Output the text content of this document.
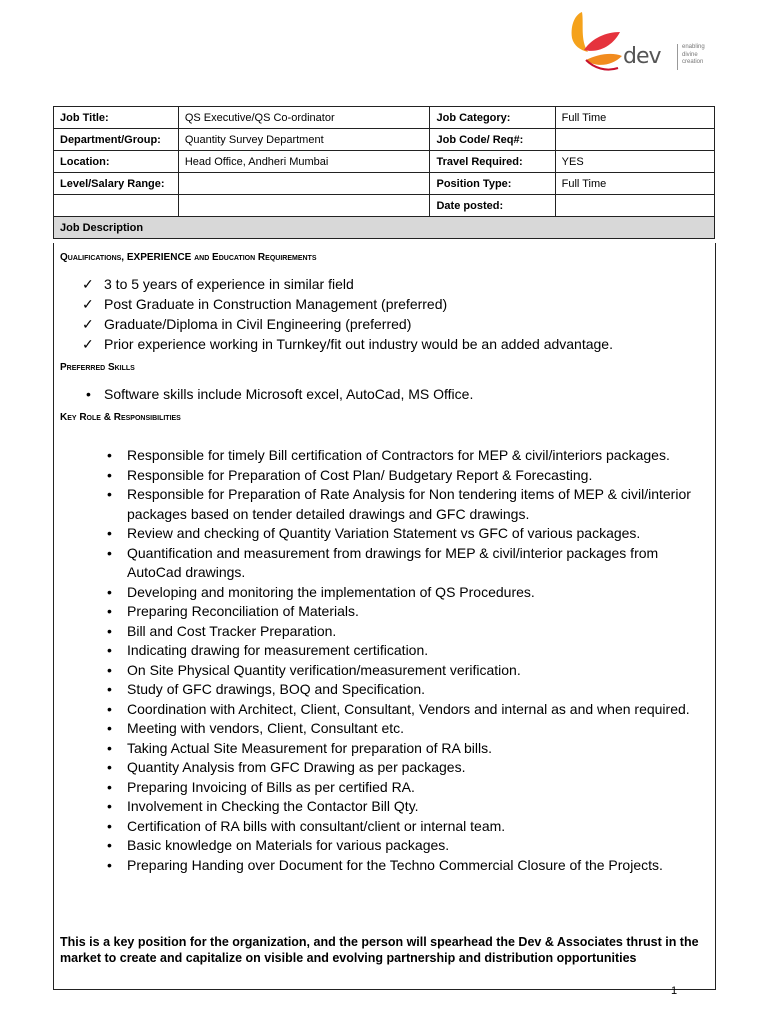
dev	enabling
divine
creation
Job Title:	QS Executive/QS Co-ordinator	Job Category:	Full Time
Department/Group:	Quantity Survey Department	Job Code/ Req#:	
Location:	Head Office, Andheri Mumbai	Travel Required:	YES
Level/Salary Range:		Position Type:	Full Time
		Date posted:	
Job Description			
Qualifications, EXPERIENCE and Education Requirements
✓ 3 to 5 years of experience in similar field
✓ Post Graduate in Construction Management (preferred)
✓ Graduate/Diploma in Civil Engineering (preferred)
✓ Prior experience working in Turnkey/fit out industry would be an added advantage.
Preferred Skills
• Software skills include Microsoft excel, AutoCad, MS Office.
Key Role & Responsibilities
• Responsible for timely Bill certification of Contractors for MEP & civil/interiors packages.
• Responsible for Preparation of Cost Plan/ Budgetary Report & Forecasting.
• Responsible for Preparation of Rate Analysis for Non tendering items of MEP & civil/interior packages based on tender detailed drawings and GFC drawings.
• Review and checking of Quantity Variation Statement vs GFC of various packages.
• Quantification and measurement from drawings for MEP & civil/interior packages from AutoCad drawings.
• Developing and monitoring the implementation of QS Procedures.
• Preparing Reconciliation of Materials.
• Bill and Cost Tracker Preparation.
• Indicating drawing for measurement certification.
• On Site Physical Quantity verification/measurement verification.
• Study of GFC drawings, BOQ and Specification.
• Coordination with Architect, Client, Consultant, Vendors and internal as and when required.
• Meeting with vendors, Client, Consultant etc.
• Taking Actual Site Measurement for preparation of RA bills.
• Quantity Analysis from GFC Drawing as per packages.
• Preparing Invoicing of Bills as per certified RA.
• Involvement in Checking the Contactor Bill Qty.
• Certification of RA bills with consultant/client or internal team.
• Basic knowledge on Materials for various packages.
• Preparing Handing over Document for the Techno Commercial Closure of the Projects.
This is a key position for the organization, and the person will spearhead the Dev & Associates thrust in the market to create and capitalize on visible and evolving partnership and distribution opportunities
1
